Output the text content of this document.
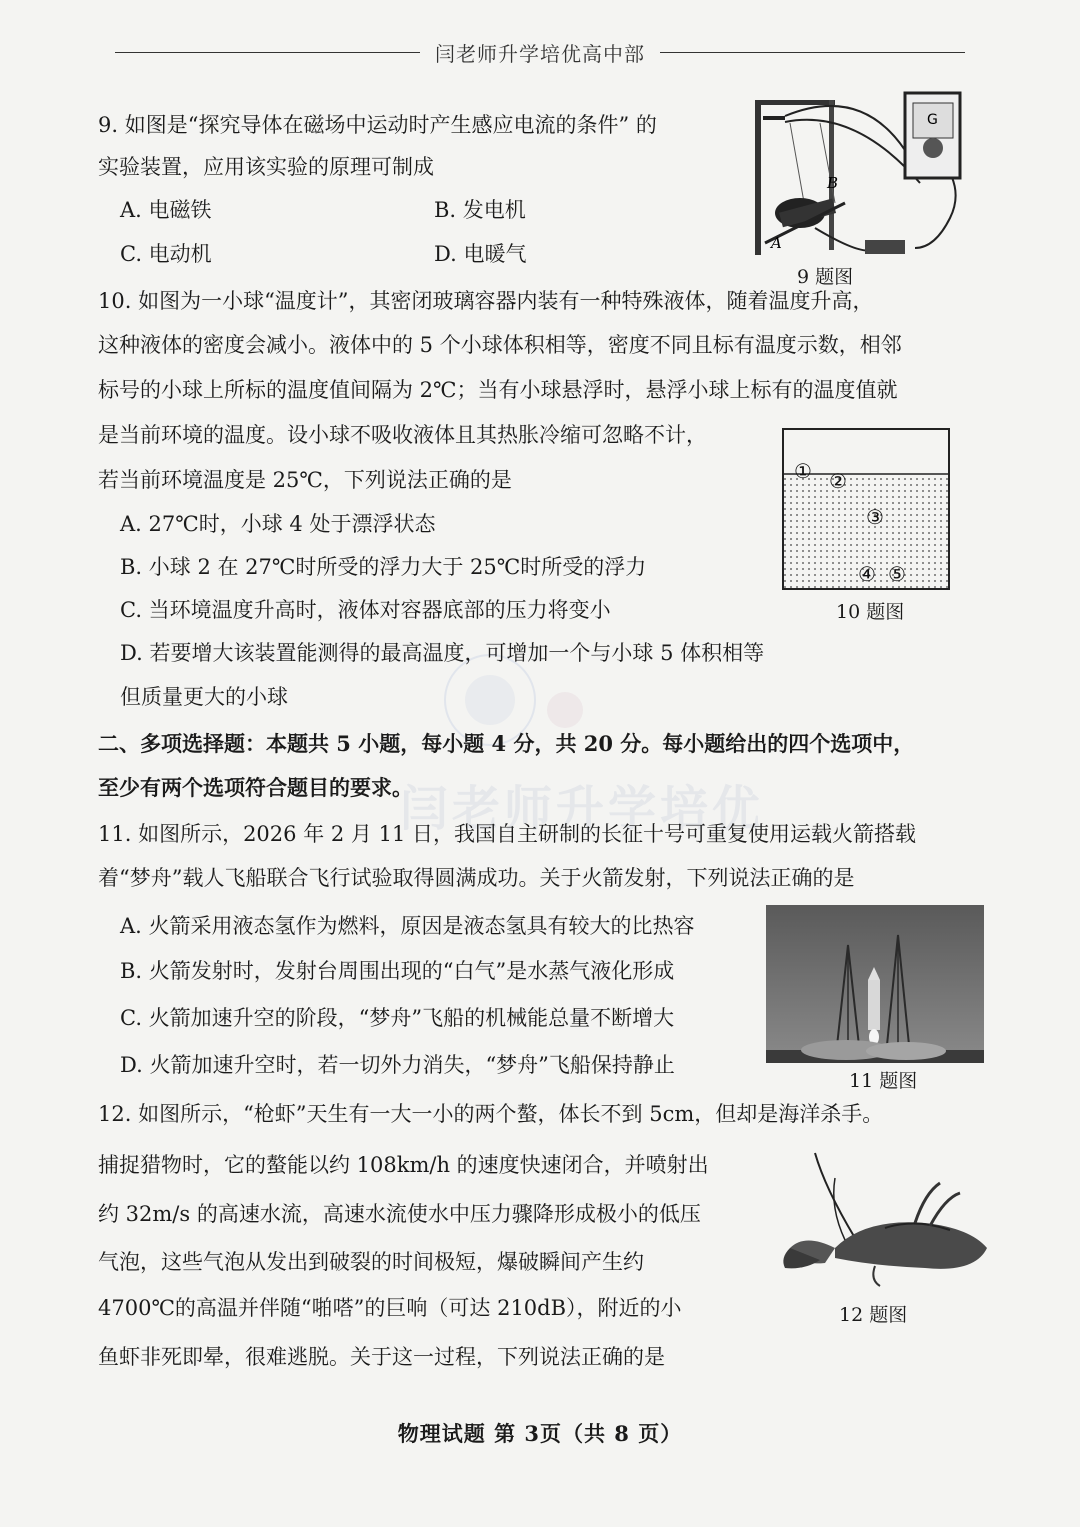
闫老师升学培优高中部
闫老师升学培优
9. 如图是“探究导体在磁场中运动时产生感应电流的条件” 的
实验装置，应用该实验的原理可制成
A. 电磁铁	B. 发电机
C. 电动机	D. 电暖气
G
A
B
9 题图
10. 如图为一小球“温度计”，其密闭玻璃容器内装有一种特殊液体，随着温度升高，
这种液体的密度会减小。液体中的 5 个小球体积相等，密度不同且标有温度示数，相邻
标号的小球上所标的温度值间隔为 2℃；当有小球悬浮时，悬浮小球上标有的温度值就
是当前环境的温度。设小球不吸收液体且其热胀冷缩可忽略不计，
若当前环境温度是 25℃，下列说法正确的是
A. 27℃时，小球 4 处于漂浮状态
B. 小球 2 在 27℃时所受的浮力大于 25℃时所受的浮力
C. 当环境温度升高时，液体对容器底部的压力将变小
D. 若要增大该装置能测得的最高温度，可增加一个与小球 5 体积相等
但质量更大的小球
① ②
③
④ ⑤
10 题图
二、多项选择题：本题共 5 小题，每小题 4 分，共 20 分。每小题给出的四个选项中，
至少有两个选项符合题目的要求。
11. 如图所示，2026 年 2 月 11 日，我国自主研制的长征十号可重复使用运载火箭搭载
着“梦舟”载人飞船联合飞行试验取得圆满成功。关于火箭发射，下列说法正确的是
A. 火箭采用液态氢作为燃料，原因是液态氢具有较大的比热容
B. 火箭发射时，发射台周围出现的“白气”是水蒸气液化形成
C. 火箭加速升空的阶段，“梦舟”飞船的机械能总量不断增大
D. 火箭加速升空时，若一切外力消失，“梦舟”飞船保持静止
11 题图
12. 如图所示，“枪虾”天生有一大一小的两个螯，体长不到 5cm，但却是海洋杀手。
捕捉猎物时，它的螯能以约 108km/h 的速度快速闭合，并喷射出
约 32m/s 的高速水流，高速水流使水中压力骤降形成极小的低压
气泡，这些气泡从发出到破裂的时间极短，爆破瞬间产生约
4700℃的高温并伴随“啪嗒”的巨响（可达 210dB），附近的小
鱼虾非死即晕，很难逃脱。关于这一过程，下列说法正确的是
12 题图
物理试题 第 3页（共 8 页）
